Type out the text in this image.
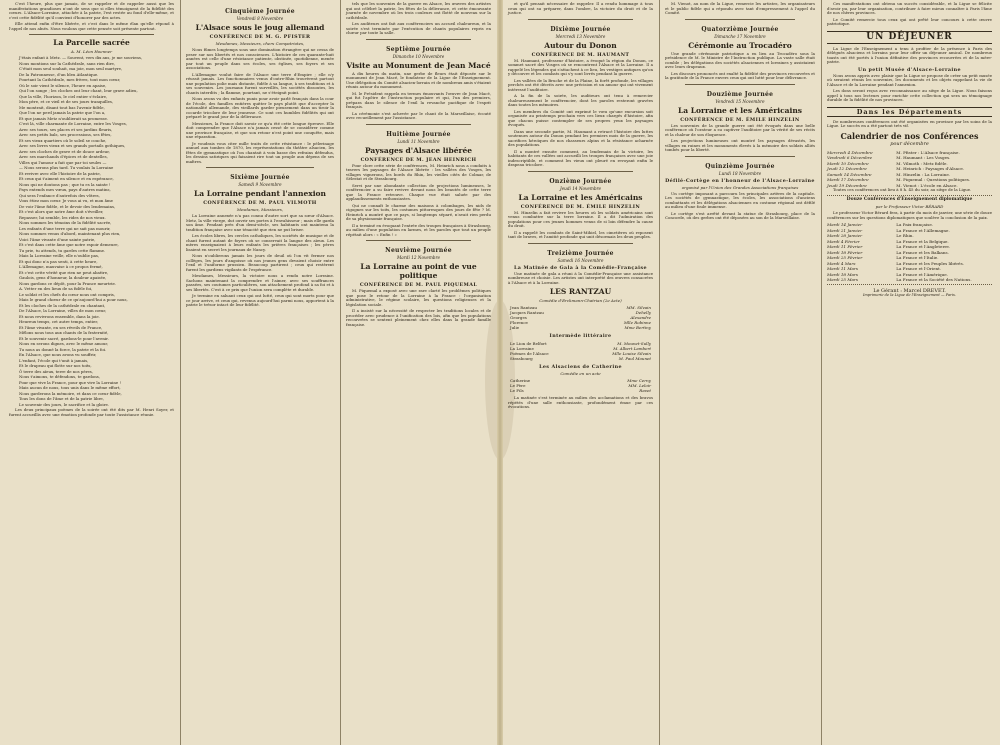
C'est l'heure, plus que jamais, de se rappeler et de rappeler aussi que les manifestations grandioses n'ont de sens que si elles témoignent de la fidélité des cœurs. L'Alsace-Lorraine, attachée à la patrie, l'est restée au fond d'elle-même, et c'est cette fidélité qu'il convient d'honorer par des actes.

Elle attend enfin d'être libérée, et c'est dans le même élan qu'elle répond à l'appel de nos aînés. Nous voulons que cette pensée soit présente partout.

La Parcelle sacrée
A. M. Léon Hoenner
J'étais enfant à Metz. — Souvent, vers dix ans, je me souviens,
Nous montions sur la Cathédrale, sans rien dire,
C'était mon seul souhait, ma joie, mon seul martyre,
De la Patronnesse, d'un bleu Atlantique.
Pourtant la Cathédrale, mes frères, tout mon cœur,
Où le soir vient le silence, l'heure en apaise,
Qui l'on songe ; les cloches ont leur chant, leur grave adieu,
Que la ville, l'horizon, le ciel entier s'éclaire,
Mon père, et ce vieil et de ses jours tranquilles,
Me montrait, disant tout bas l'avenir fidèle,
Que l'on ne perd jamais la patrie que l'on a,
Et que jamais Metz n'oublierait sa promesse.
C'est là, ville charmante de Lorraine, entre les Vosges,
Avec ses tours, ses places et ses jardins fleuris,
Avec ses petits bals, ses processions, ses fêtes,
Et ses vieux quartiers où le soleil se couche,
Avec ses livres vieux et ses grands portails gothiques,
Avec ses cloches de grave et de douce ardeur,
Avec ses marchands d'épices et de dentelles,
Villes qui l'amour a fait que par toi seules —
— Nous serons plus tard. Tu voulais la Lorraine
Et revivre avec elle l'histoire de la patrie,
Et ceux qui t'aiment en silence et en espérance,
Nous qui ne doutons pas ; que tu es la sainte !
Pays entends mes vœux, pays d'autres matins,
Qui sera l'enfance d'autrefois des vôtres,
Vous étiez mon cœur. Je vous ai vu, et mon âme
De voir l'âme fidèle, et le devoir des lendemains,
Et c'est alors que notre âme doit s'éveiller,
Repasser, lui semble, les rides de nos vieux.
Nous sommes les témoins de la fidélité sacrée,
Les enfants d'une terre qui ne sait pas mourir,
Nous sommes venus d'abord, maintenant plus rien,
Voici l'âme vivante d'une sainte patrie,
Et c'est dans cette âme que notre espoir demeure,
Tu prie, tu attends, tu gardes cette flamme.
Mais la Lorraine veille, elle n'oublie pas,
Et qui donc n'a pas senti, à cette heure,
L'Allemagne, mauvaise à ce propos fermé,
Et c'est cette vérité que rien ne peut abattre,
Gaulois, gens d'honneur, la douleur apaisée,
Nous gardons ce dépôt, pour la France meurtrie.
A. Vetter en des lieux de sa fidèle foi,
Le soldat et les chefs du cœur nous ont compris,
Mais le grand chœur de ce qu'aujourd'hui a pour nous,
Et les cloches de la cathédrale en chantant,
De l'Alsace, la Lorraine, villes de mon cœur,
Et nous revivrons ensemble, dans la joie.
Heureux temps, cet autre temps, entier,
Et l'âme vivante, en ses réveils de France,
Mêlons nous tous aux chants de la fraternité,
Et le souvenir sacré, gardons-le pour l'avenir.
Nous en serons dignes, avec le même amour,
Tu nous as donné la force, la patrie et la foi.
En l'Alsace, que nous avons vu souffrir,
L'enfant, l'école qui t'unit à jamais,
Et le drapeau qui flotte sur nos toits,
Ô terre des aïeux, terre de nos pères,
Nous t'aimons, te défendons, te gardons,
Pour que vive la France, pour que vive la Lorraine !
Mais aucun de nous, tous unis dans le même effort,
Nous garderons la mémoire, et dans ce cœur fidèle,
Tous les dons de l'âme et de la patrie libre,
Le souvenir des jours, le sacrifice et la gloire.

Les deux principaux poèmes de la soirée ont été dits par M. Henri Soyer, et furent accueillis avec une émotion profonde par toute l'assistance réunie.

Cinquième Journée
Vendredi 8 Novembre
L'Alsace sous le joug allemand
CONFÉRENCE DE M. G. PFISTER
Mesdames, Messieurs, chers Compatriotes,

Nous fûmes longtemps sous une domination étrangère qui ne cessa de peser sur nos libertés et nos consciences. L'histoire de ces quarante-huit années est celle d'une résistance patiente, obstinée, quotidienne, menée par tout un peuple dans ses écoles, ses églises, ses foyers et ses associations.

L'Allemagne voulut faire de l'Alsace une terre d'Empire ; elle n'y réussit jamais. Les fonctionnaires venus d'outre-Rhin trouvèrent partout une population polie mais distante, fidèle à sa langue, à ses traditions et à ses souvenirs. Les journaux furent surveillés, les sociétés dissoutes, les chants interdits ; la flamme, pourtant, ne s'éteignit point.

Nous avons vu des enfants punis pour avoir parlé français dans la cour de l'école, des familles entières quitter le pays plutôt que d'accepter la nationalité allemande, des vieillards garder pieusement dans un tiroir la cocarde tricolore de leur jeunesse. Ce sont ces humbles fidélités qui ont préparé le grand jour de la délivrance.

Messieurs, la France doit savoir ce qu'a été cette longue épreuve. Elle doit comprendre que l'Alsace n'a jamais cessé de se considérer comme une province française, et que son retour n'est point une conquête, mais une réparation.

Je voudrais vous citer mille traits de cette résistance : le pèlerinage annuel aux tombes de 1870, les représentations du théâtre alsacien, les fêtes de gymnastique où l'on chantait à voix basse des refrains défendus, les dessins satiriques qui faisaient rire tout un peuple aux dépens de ses maîtres.

Sixième Journée
Samedi 9 Novembre
La Lorraine pendant l'annexion
CONFÉRENCE DE M. PAUL VILMOTH
Mesdames, Messieurs,

La Lorraine annexée n'a pas connu d'autre sort que sa sœur d'Alsace. Metz, la ville vierge, dut ouvrir ses portes à l'envahisseur ; mais elle garda son âme. Pendant près d'un demi-siècle, ses habitants ont maintenu la tradition française avec une ténacité que rien ne put briser.

Les écoles libres, les cercles catholiques, les sociétés de musique et de chant furent autant de foyers où se conservait la langue des aïeux. Les mères enseignaient à leurs enfants les prières françaises ; les pères lisaient en secret les journaux de Nancy.

Nous n'oublierons jamais les jours de deuil où l'on vit fermer nos collèges, les jours d'angoisse où nos jeunes gens devaient choisir entre l'exil et l'uniforme prussien. Beaucoup partirent ; ceux qui restèrent furent les gardiens vigilants de l'espérance.

Mesdames, Messieurs, la victoire nous a rendu notre Lorraine. Sachons maintenant la comprendre et l'aimer, avec ses souffrances passées, ses coutumes particulières, son attachement profond à sa foi et à ses libertés. C'est à ce prix que l'union sera complète et durable.

Je termine en saluant ceux qui ont lutté, ceux qui sont morts pour que ce jour arrive, et ceux qui, revenus aujourd'hui parmi nous, apportent à la patrie le trésor intact de leur fidélité.

tels que les souvenirs de la guerre en Alsace, les œuvres des artistes qui ont célébré la patrie, les fêtes de la délivrance, et cette émouvante journée de novembre où les trois couleurs ont flotté de nouveau sur la cathédrale.

Les auditeurs ont fait aux conférenciers un accueil chaleureux, et la soirée s'est terminée par l'exécution de chants populaires repris en chœur par toute la salle.

Septième Journée
Dimanche 10 Novembre
Visite au Monument de Jean Macé

A dix heures du matin, une gerbe de fleurs était déposée sur le monument de Jean Macé, le fondateur de la Ligue de l'Enseignement. Une délégation du Comité alsacien-lorrain et de nombreux amis s'étaient réunis autour du monument.

M. le Président rappela en termes émouvants l'œuvre de Jean Macé, qui fut l'apôtre de l'instruction populaire et qui, l'un des premiers, prépara dans le silence de l'exil la revanche pacifique de l'esprit français.

La cérémonie s'est achevée par le chant de la Marseillaise, écouté avec recueillement par l'assistance.

Huitième Journée
Lundi 11 Novembre
Paysages d'Alsace libérée
CONFÉRENCE DE M. JEAN HEINRICH

Pour clore cette série de conférences, M. Heinrich nous a conduits à travers les paysages de l'Alsace libérée : les vallées des Vosges, les villages vignerons, les bords du Rhin, les vieilles cités de Colmar, de Sélestat et de Strasbourg.

Servi par une abondante collection de projections lumineuses, le conférencier a su faire revivre devant nous les beautés de cette terre que la France retrouve. Chaque vue était saluée par des applaudissements enthousiastes.

Qui ne connaît le charme des maisons à colombages, les nids de cigognes sur les toits, les costumes pittoresques des jours de fête ? M. Heinrich a montré que ce pays, si longtemps séparé, n'avait rien perdu de sa physionomie française.

Il a terminé en évoquant l'entrée des troupes françaises à Strasbourg, au milieu d'une population en larmes, et les paroles que tout un peuple répétait alors : « Enfin ! »

Neuvième Journée
Mardi 12 Novembre
La Lorraine au point de vue politique
CONFÉRENCE DE M. PAUL PIQUEMAL

M. Piquemal a exposé avec une rare clarté les problèmes politiques que pose le retour de la Lorraine à la France : l'organisation administrative, le régime scolaire, les questions religieuses et la législation sociale.

Il a insisté sur la nécessité de respecter les traditions locales et de procéder avec prudence à l'unification des lois, afin que les populations recouvrées se sentent pleinement chez elles dans la grande famille française.

et qu'il pensait nécessaire de rappeler. Il a rendu hommage à tous ceux qui ont su préparer, dans l'ombre, la victoire du droit et de la justice.

Dixième Journée
Mercredi 13 Novembre
Autour du Donon
CONFÉRENCE DE M. HAUMANT

M. Haumant, professeur d'histoire, a évoqué la région du Donon, ce sommet sacré des Vosges où se rencontrent l'Alsace et la Lorraine. Il a rappelé les légendes qui s'attachent à ce lieu, les vestiges antiques qu'on y découvre et les combats qui s'y sont livrés pendant la guerre.

Les vallées de la Bruche et de la Plaine, la forêt profonde, les villages perchés ont été décrits avec une précision et un amour qui ont vivement intéressé l'auditoire.

A la fin de la soirée, les auditeurs ont tenu à remercier chaleureusement le conférencier, dont les paroles resteront gravées dans toutes les mémoires.

Les membres du Comité ont exprimé le vœu qu'une excursion soit organisée au printemps prochain vers ces lieux chargés d'histoire, afin que chacun puisse contempler de ses propres yeux les paysages évoqués.

Dans une seconde partie, M. Haumant a retracé l'histoire des luttes soutenues autour du Donon pendant les premiers mois de la guerre, les sacrifices héroïques de nos chasseurs alpins et la résistance acharnée des populations.

Il a montré ensuite comment, au lendemain de la victoire, les habitants de ces vallées ont accueilli les troupes françaises avec une joie indescriptible, et comment les vieux ont pleuré en revoyant enfin le drapeau tricolore.

Onzième Journée
Jeudi 14 Novembre
La Lorraine et les Américains
CONFÉRENCE DE M. ÉMILE HINZELIN

M. Hinzelin a fait revivre les heures où les soldats américains sont venus combattre sur la terre lorraine. Il a dit l'admiration des populations pour ces jeunes hommes venus de si loin défendre la cause du droit.

Il a rappelé les combats de Saint-Mihiel, les cimetières où reposent tant de braves, et l'amitié profonde qui unit désormais les deux peuples.

Treizième Journée
Samedi 16 Novembre
La Matinée de Gala à la Comédie-Française

Une matinée de gala a réuni à la Comédie-Française une assistance nombreuse et choisie. Les artistes ont interprété des œuvres consacrées à l'Alsace et à la Lorraine.

LES RANTZAU
Comédie d'Erckmann-Chatrian (2e Acte)
Jean Rantzau	MM. Silvain
Jacques Rantzau	Dehelly
Georges	Alexandre
Florence	Mlle Robinne
Julie	Mme Bertiny
Intermède littéraire
Le Lion de Belfort	M. Mounet-Sully
La Lorraine	M. Albert Lambert
Poèmes de l'Alsace	Mlle Louise Silvain
Strasbourg	M. Paul Mounet
Les Alsaciens de Catherine
Comédie en un acte
Catherine	Mme Cerny
Le Père	MM. Leloir
Le Fils	Ravet

La matinée s'est terminée au milieu des acclamations et des bravos répétés d'une salle enthousiaste, profondément émue par ces évocations.

M. Vienot, au nom de la Ligue, remercie les artistes, les organisateurs et le public fidèle qui a répondu avec tant d'empressement à l'appel du Comité.

Quatorzième Journée
Dimanche 17 Novembre
Cérémonie au Trocadéro

Une grande cérémonie patriotique a eu lieu au Trocadéro sous la présidence de M. le Ministre de l'Instruction publique. La vaste salle était comble ; les délégations des sociétés alsaciennes et lorraines y assistaient avec leurs drapeaux.

Les discours prononcés ont exalté la fidélité des provinces recouvrées et la gratitude de la France envers ceux qui ont lutté pour leur délivrance.

Douzième Journée
Vendredi 15 Novembre
La Lorraine et les Américains
CONFÉRENCE DE M. ÉMILE HINZELIN

Les souvenirs de la grande guerre ont été évoqués dans une belle conférence où l'orateur a su captiver l'auditoire par la vérité de ses récits et la chaleur de son éloquence.

Les projections lumineuses ont montré les paysages dévastés, les villages en ruines et les monuments élevés à la mémoire des soldats alliés tombés pour la liberté.

Quinzième Journée
Lundi 18 Novembre
Défilé-Cortège en l'honneur de l'Alsace-Lorraine
organisé par l'Union des Grandes Associations françaises

Un cortège imposant a parcouru les principales artères de la capitale. Les sociétés de gymnastique, les écoles, les associations d'anciens combattants et les délégations alsaciennes en costume régional ont défilé au milieu d'une foule immense.

Le cortège s'est arrêté devant la statue de Strasbourg, place de la Concorde, où des gerbes ont été déposées au son de la Marseillaise.

Ces manifestations ont obtenu un succès considérable, et la Ligue se félicite d'avoir pu, par leur organisation, contribuer à faire mieux connaître à Paris l'âme de nos chères provinces.

Le Comité remercie tous ceux qui ont prêté leur concours à cette œuvre patriotique.

UN DÉJEUNER

La Ligue de l'Enseignement a tenu à profiter de la présence à Paris des délégués alsaciens et lorrains pour leur offrir un déjeuner amical. De nombreux toasts ont été portés à l'union définitive des provinces recouvrées et de la mère-patrie.

Un petit Musée d'Alsace-Lorraine

Nous avons appris avec plaisir que la Ligue se propose de créer un petit musée où seraient réunis les souvenirs, les documents et les objets rappelant la vie de l'Alsace et de la Lorraine pendant l'annexion.

Les dons seront reçus avec reconnaissance au siège de la Ligue. Nous faisons appel à tous nos lecteurs pour enrichir cette collection qui sera un témoignage durable de la fidélité de nos provinces.

Dans les Départements

De nombreuses conférences ont été organisées en province par les soins de la Ligue. Le succès en a été partout très vif.

Calendrier de nos Conférences
pour décembre
Mercredi 4 Décembre	M. Pfister : L'Alsace française.
Vendredi 6 Décembre	M. Haumant : Les Vosges.
Mardi 10 Décembre	M. Vilmoth : Metz fidèle.
Jeudi 12 Décembre	M. Heinrich : Paysages d'Alsace.
Samedi 14 Décembre	M. Hinzelin : La Lorraine.
Mardi 17 Décembre	M. Piquemal : Questions politiques.
Jeudi 19 Décembre	M. Vienot : L'école en Alsace.

Toutes ces conférences ont lieu à 8 h. 45 du soir, au siège de la Ligue.

Douze Conférences d'Enseignement diplomatique
par le Professeur Victor BÉRARD

Le professeur Victor Bérard fera, à partir du mois de janvier, une série de douze conférences sur les questions diplomatiques que soulève la conclusion de la paix.

Mardi 14 Janvier	La Paix française.
Mardi 21 Janvier	La France et l'Allemagne.
Mardi 28 Janvier	Le Rhin.
Mardi 4 Février	La France et la Belgique.
Mardi 11 Février	La France et l'Angleterre.
Mardi 18 Février	La France et les Balkans.
Mardi 25 Février	La France et l'Italie.
Mardi 4 Mars	La France et les Peuples libérés.
Mardi 11 Mars	La France et l'Orient.
Mardi 18 Mars	La France et l'Amérique.
Mardi 25 Mars	La France et la Société des Nations.
Le Gérant : Marcel DREVET.
Imprimerie de la Ligue de l'Enseignement — Paris.
